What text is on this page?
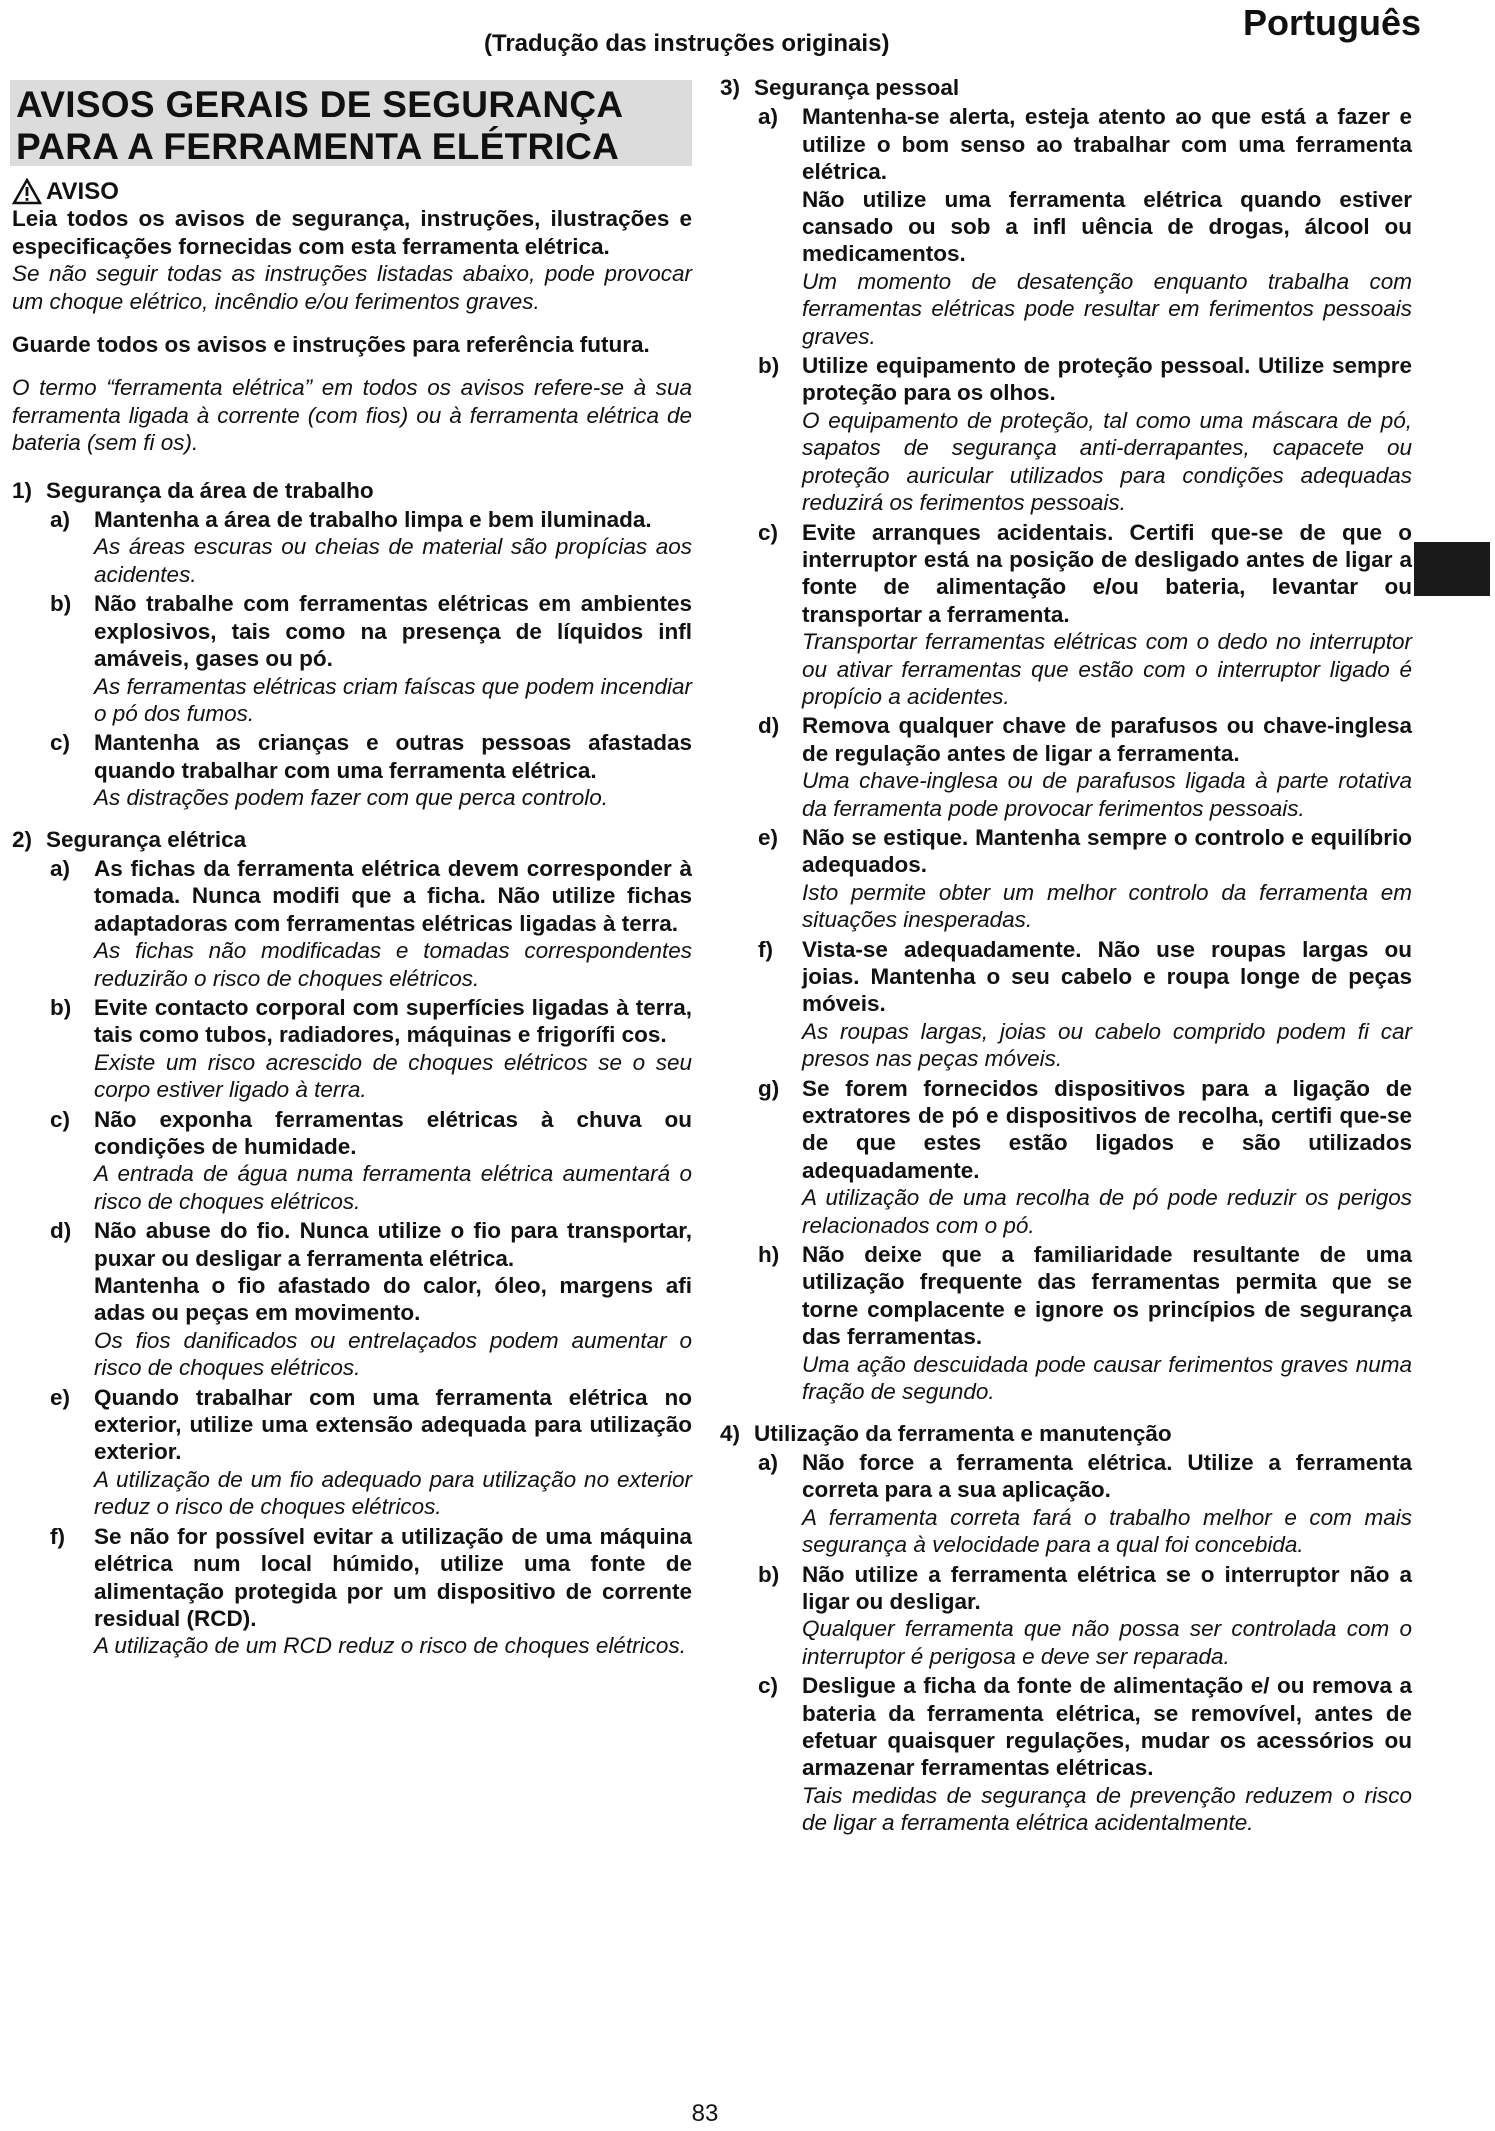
(Tradução das instruções originais)
Português
AVISOS GERAIS DE SEGURANÇA
PARA A FERRAMENTA ELÉTRICA
AVISO

Leia todos os avisos de segurança, instruções, ilustrações e especificações fornecidas com esta ferramenta elétrica.

Se não seguir todas as instruções listadas abaixo, pode provocar um choque elétrico, incêndio e/ou ferimentos graves.

Guarde todos os avisos e instruções para referência futura.

O termo “ferramenta elétrica” em todos os avisos refere-se à sua ferramenta ligada à corrente (com fios) ou à ferramenta elétrica de bateria (sem fi os).

1) Segurança da área de trabalho
a)	Mantenha a área de trabalho limpa e bem iluminada.
As áreas escuras ou cheias de material são propícias aos acidentes.
b)	Não trabalhe com ferramentas elétricas em ambientes explosivos, tais como na presença de líquidos infl amáveis, gases ou pó.
As ferramentas elétricas criam faíscas que podem incendiar o pó dos fumos.
c)	Mantenha as crianças e outras pessoas afastadas quando trabalhar com uma ferramenta elétrica.
As distrações podem fazer com que perca controlo.
2) Segurança elétrica
a)	As fichas da ferramenta elétrica devem corresponder à tomada. Nunca modifi que a ficha. Não utilize fichas adaptadoras com ferramentas elétricas ligadas à terra.
As fichas não modificadas e tomadas correspondentes reduzirão o risco de choques elétricos.
b)	Evite contacto corporal com superfícies ligadas à terra, tais como tubos, radiadores, máquinas e frigorífi cos.
Existe um risco acrescido de choques elétricos se o seu corpo estiver ligado à terra.
c)	Não exponha ferramentas elétricas à chuva ou condições de humidade.
A entrada de água numa ferramenta elétrica aumentará o risco de choques elétricos.
d)	Não abuse do fio. Nunca utilize o fio para transportar, puxar ou desligar a ferramenta elétrica.
Mantenha o fio afastado do calor, óleo, margens afi adas ou peças em movimento.
Os fios danificados ou entrelaçados podem aumentar o risco de choques elétricos.
e)	Quando trabalhar com uma ferramenta elétrica no exterior, utilize uma extensão adequada para utilização exterior.
A utilização de um fio adequado para utilização no exterior reduz o risco de choques elétricos.
f)	Se não for possível evitar a utilização de uma máquina elétrica num local húmido, utilize uma fonte de alimentação protegida por um dispositivo de corrente residual (RCD).
A utilização de um RCD reduz o risco de choques elétricos.
3) Segurança pessoal
a)	Mantenha-se alerta, esteja atento ao que está a fazer e utilize o bom senso ao trabalhar com uma ferramenta elétrica.
Não utilize uma ferramenta elétrica quando estiver cansado ou sob a infl uência de drogas, álcool ou medicamentos.
Um momento de desatenção enquanto trabalha com ferramentas elétricas pode resultar em ferimentos pessoais graves.
b)	Utilize equipamento de proteção pessoal. Utilize sempre proteção para os olhos.
O equipamento de proteção, tal como uma máscara de pó, sapatos de segurança anti-derrapantes, capacete ou proteção auricular utilizados para condições adequadas reduzirá os ferimentos pessoais.
c)	Evite arranques acidentais. Certifi que-se de que o interruptor está na posição de desligado antes de ligar a fonte de alimentação e/ou bateria, levantar ou transportar a ferramenta.
Transportar ferramentas elétricas com o dedo no interruptor ou ativar ferramentas que estão com o interruptor ligado é propício a acidentes.
d)	Remova qualquer chave de parafusos ou chave-inglesa de regulação antes de ligar a ferramenta.
Uma chave-inglesa ou de parafusos ligada à parte rotativa da ferramenta pode provocar ferimentos pessoais.
e)	Não se estique. Mantenha sempre o controlo e equilíbrio adequados.
Isto permite obter um melhor controlo da ferramenta em situações inesperadas.
f)	Vista-se adequadamente. Não use roupas largas ou joias. Mantenha o seu cabelo e roupa longe de peças móveis.
As roupas largas, joias ou cabelo comprido podem fi car presos nas peças móveis.
g)	Se forem fornecidos dispositivos para a ligação de extratores de pó e dispositivos de recolha, certifi que-se de que estes estão ligados e são utilizados adequadamente.
A utilização de uma recolha de pó pode reduzir os perigos relacionados com o pó.
h)	Não deixe que a familiaridade resultante de uma utilização frequente das ferramentas permita que se torne complacente e ignore os princípios de segurança das ferramentas.
Uma ação descuidada pode causar ferimentos graves numa fração de segundo.
4) Utilização da ferramenta e manutenção
a)	Não force a ferramenta elétrica. Utilize a ferramenta correta para a sua aplicação.
A ferramenta correta fará o trabalho melhor e com mais segurança à velocidade para a qual foi concebida.
b)	Não utilize a ferramenta elétrica se o interruptor não a ligar ou desligar.
Qualquer ferramenta que não possa ser controlada com o interruptor é perigosa e deve ser reparada.
c)	Desligue a ficha da fonte de alimentação e/ ou remova a bateria da ferramenta elétrica, se removível, antes de efetuar quaisquer regulações, mudar os acessórios ou armazenar ferramentas elétricas.
Tais medidas de segurança de prevenção reduzem o risco de ligar a ferramenta elétrica acidentalmente.
83
